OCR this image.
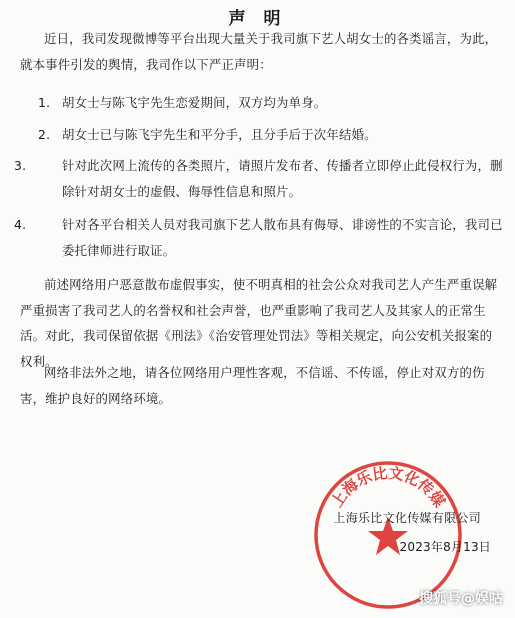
声 明

近日，我司发现微博等平台出现大量关于我司旗下艺人胡女士的各类谣言，为此，就本事件引发的舆情，我司作以下严正声明：

1. 胡女士与陈飞宇先生恋爱期间，双方均为单身。

2. 胡女士已与陈飞宇先生和平分手，且分手后于次年结婚。

3.	针对此次网上流传的各类照片，请照片发布者、传播者立即停止此侵权行为，删除针对胡女士的虚假、侮辱性信息和照片。

4.	针对各平台相关人员对我司旗下艺人散布具有侮辱、诽谤性的不实言论，我司已委托律师进行取证。

前述网络用户恶意散布虚假事实，使不明真相的社会公众对我司艺人产生严重误解严重损害了我司艺人的名誉权和社会声誉，也严重影响了我司艺人及其家人的正常生活。对此，我司保留依据《刑法》《治安管理处罚法》等相关规定，向公安机关报案的权利。

网络非法外之地，请各位网络用户理性客观，不信谣、不传谣，停止对双方的伤害，维护良好的网络环境。

上海乐比文化传媒
上海乐比文化传媒有限公司
2023年8月13日
搜狐号@娱咕
